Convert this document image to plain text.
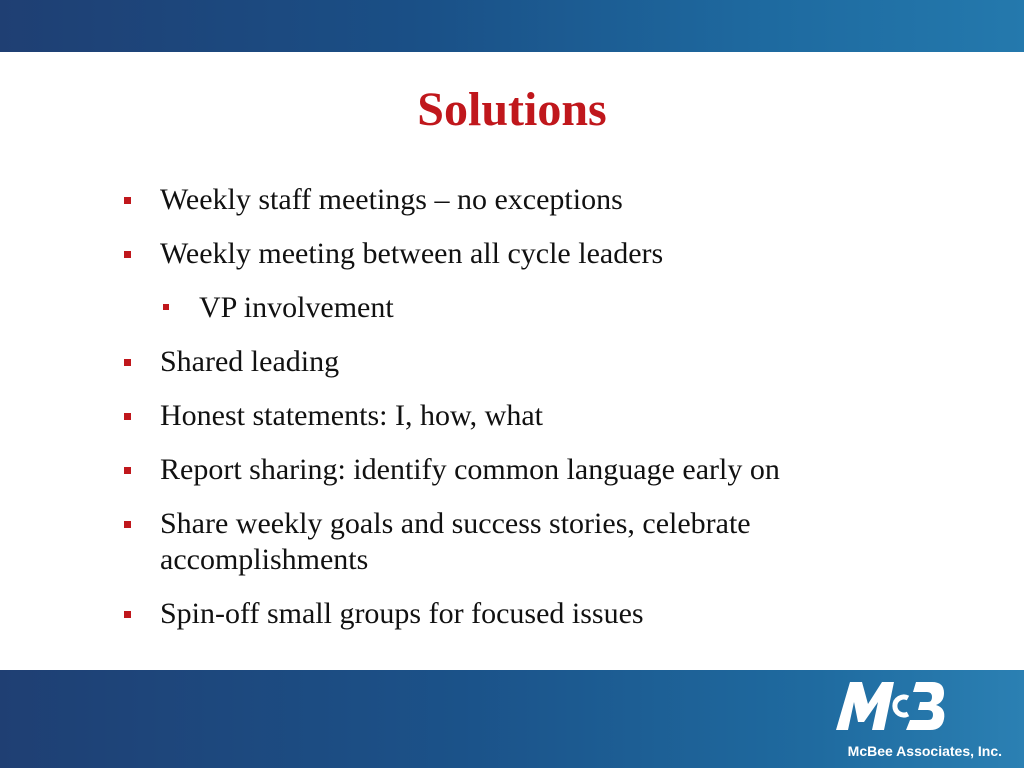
Solutions
Weekly staff meetings – no exceptions
Weekly meeting between all cycle leaders
VP involvement
Shared leading
Honest statements: I, how, what
Report sharing: identify common language early on
Share weekly goals and success stories, celebrate accomplishments
Spin-off small groups for focused issues
McBee Associates, Inc.
